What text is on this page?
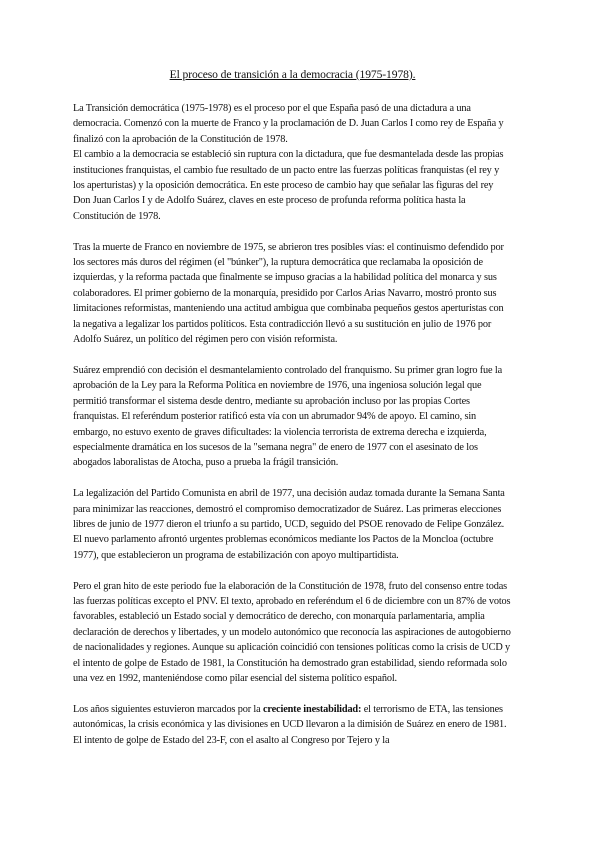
El proceso de transición a la democracia (1975-1978).
La Transición democrática (1975-1978) es el proceso por el que España pasó de una dictadura a una democracia. Comenzó con la muerte de Franco y la proclamación de D. Juan Carlos I como rey de España y finalizó con la aprobación de la Constitución de 1978.
El cambio a la democracia se estableció sin ruptura con la dictadura, que fue desmantelada desde las propias instituciones franquistas, el cambio fue resultado de un pacto entre las fuerzas políticas franquistas (el rey y los aperturistas) y la oposición democrática. En este proceso de cambio hay que señalar las figuras del rey Don Juan Carlos I y de Adolfo Suárez, claves en este proceso de profunda reforma política hasta la Constitución de 1978.
Tras la muerte de Franco en noviembre de 1975, se abrieron tres posibles vías: el continuismo defendido por los sectores más duros del régimen (el "búnker"), la ruptura democrática que reclamaba la oposición de izquierdas, y la reforma pactada que finalmente se impuso gracias a la habilidad política del monarca y sus colaboradores. El primer gobierno de la monarquía, presidido por Carlos Arias Navarro, mostró pronto sus limitaciones reformistas, manteniendo una actitud ambigua que combinaba pequeños gestos aperturistas con la negativa a legalizar los partidos políticos. Esta contradicción llevó a su sustitución en julio de 1976 por Adolfo Suárez, un político del régimen pero con visión reformista.
Suárez emprendió con decisión el desmantelamiento controlado del franquismo. Su primer gran logro fue la aprobación de la Ley para la Reforma Política en noviembre de 1976, una ingeniosa solución legal que permitió transformar el sistema desde dentro, mediante su aprobación incluso por las propias Cortes franquistas. El referéndum posterior ratificó esta vía con un abrumador 94% de apoyo. El camino, sin embargo, no estuvo exento de graves dificultades: la violencia terrorista de extrema derecha e izquierda, especialmente dramática en los sucesos de la "semana negra" de enero de 1977 con el asesinato de los abogados laboralistas de Atocha, puso a prueba la frágil transición.
La legalización del Partido Comunista en abril de 1977, una decisión audaz tomada durante la Semana Santa para minimizar las reacciones, demostró el compromiso democratizador de Suárez. Las primeras elecciones libres de junio de 1977 dieron el triunfo a su partido, UCD, seguido del PSOE renovado de Felipe González. El nuevo parlamento afrontó urgentes problemas económicos mediante los Pactos de la Moncloa (octubre 1977), que establecieron un programa de estabilización con apoyo multipartidista.
Pero el gran hito de este periodo fue la elaboración de la Constitución de 1978, fruto del consenso entre todas las fuerzas políticas excepto el PNV. El texto, aprobado en referéndum el 6 de diciembre con un 87% de votos favorables, estableció un Estado social y democrático de derecho, con monarquía parlamentaria, amplia declaración de derechos y libertades, y un modelo autonómico que reconocía las aspiraciones de autogobierno de nacionalidades y regiones. Aunque su aplicación coincidió con tensiones políticas como la crisis de UCD y el intento de golpe de Estado de 1981, la Constitución ha demostrado gran estabilidad, siendo reformada solo una vez en 1992, manteniéndose como pilar esencial del sistema político español.
Los años siguientes estuvieron marcados por la creciente inestabilidad: el terrorismo de ETA, las tensiones autonómicas, la crisis económica y las divisiones en UCD llevaron a la dimisión de Suárez en enero de 1981. El intento de golpe de Estado del 23-F, con el asalto al Congreso por Tejero y la
